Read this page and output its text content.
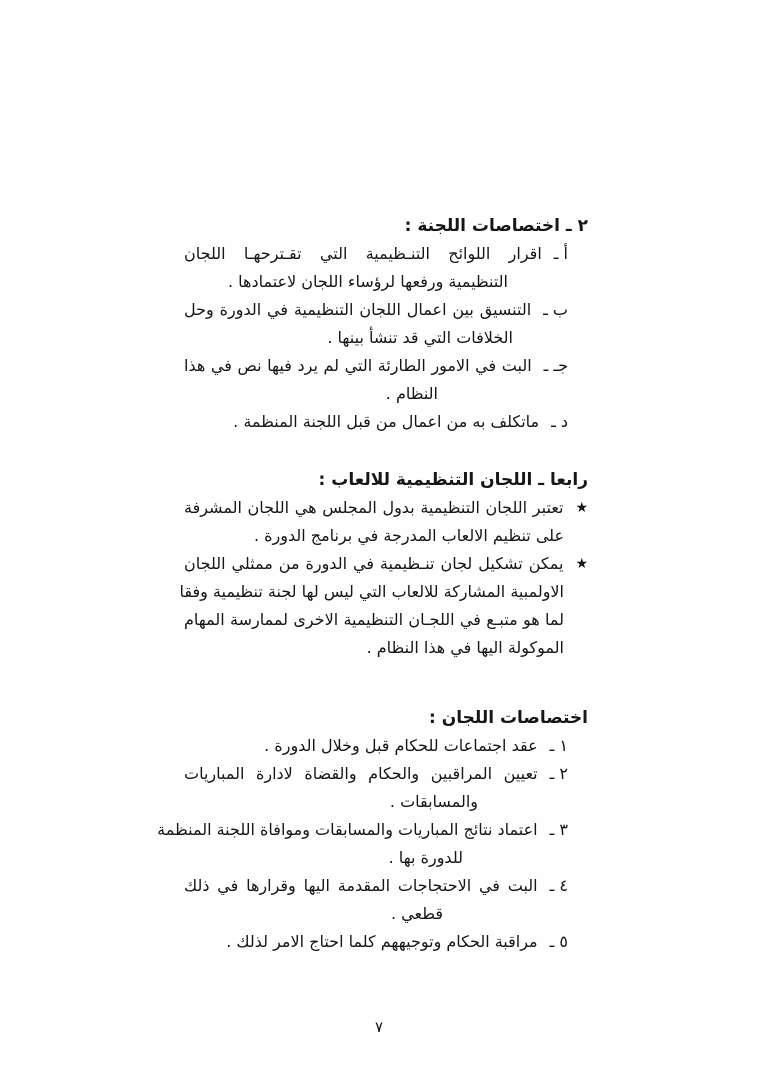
٢ ـ اختصاصات اللجنة :
أ ـاقرار اللوائح التنـظيمية التي تقـترحهـا اللجان
التنظيمية ورفعها لرؤساء اللجان لاعتمادها .
ب ـالتنسيق بين اعمال اللجان التنظيمية في الدورة وحل
الخلافات التي قد تنشأ بينها .
جـ ـالبت في الامور الطارئة التي لم يرد فيها نص في هذا
النظام .
د ـماتكلف به من اعمال من قبل اللجنة المنظمة .
رابعا ـ اللجان التنظيمية للالعاب :
★تعتبر اللجان التنظيمية بدول المجلس هي اللجان المشرفة
على تنظيم الالعاب المدرجة في برنامج الدورة .
★يمكن تشكيل لجان تنـظيمية في الدورة من ممثلي اللجان
الاولمبية المشاركة للالعاب التي ليس لها لجنة تنظيمية وفقا
لما هو متبـع في اللجـان التنظيمية الاخرى لممارسة المهام
الموكولة اليها في هذا النظام .
اختصاصات اللجان :
١ ـعقد اجتماعات للحكام قبل وخلال الدورة .
٢ ـتعيين المراقبين والحكام والقضاة لادارة المباريات
والمسابقات .
٣ ـاعتماد نتائج المباريات والمسابقات وموافاة اللجنة المنظمة
للدورة بها .
٤ ـالبت في الاحتجاجات المقدمة اليها وقرارها في ذلك
قطعي .
٥ ـمراقبة الحكام وتوجيههم كلما احتاج الامر لذلك .
٧
